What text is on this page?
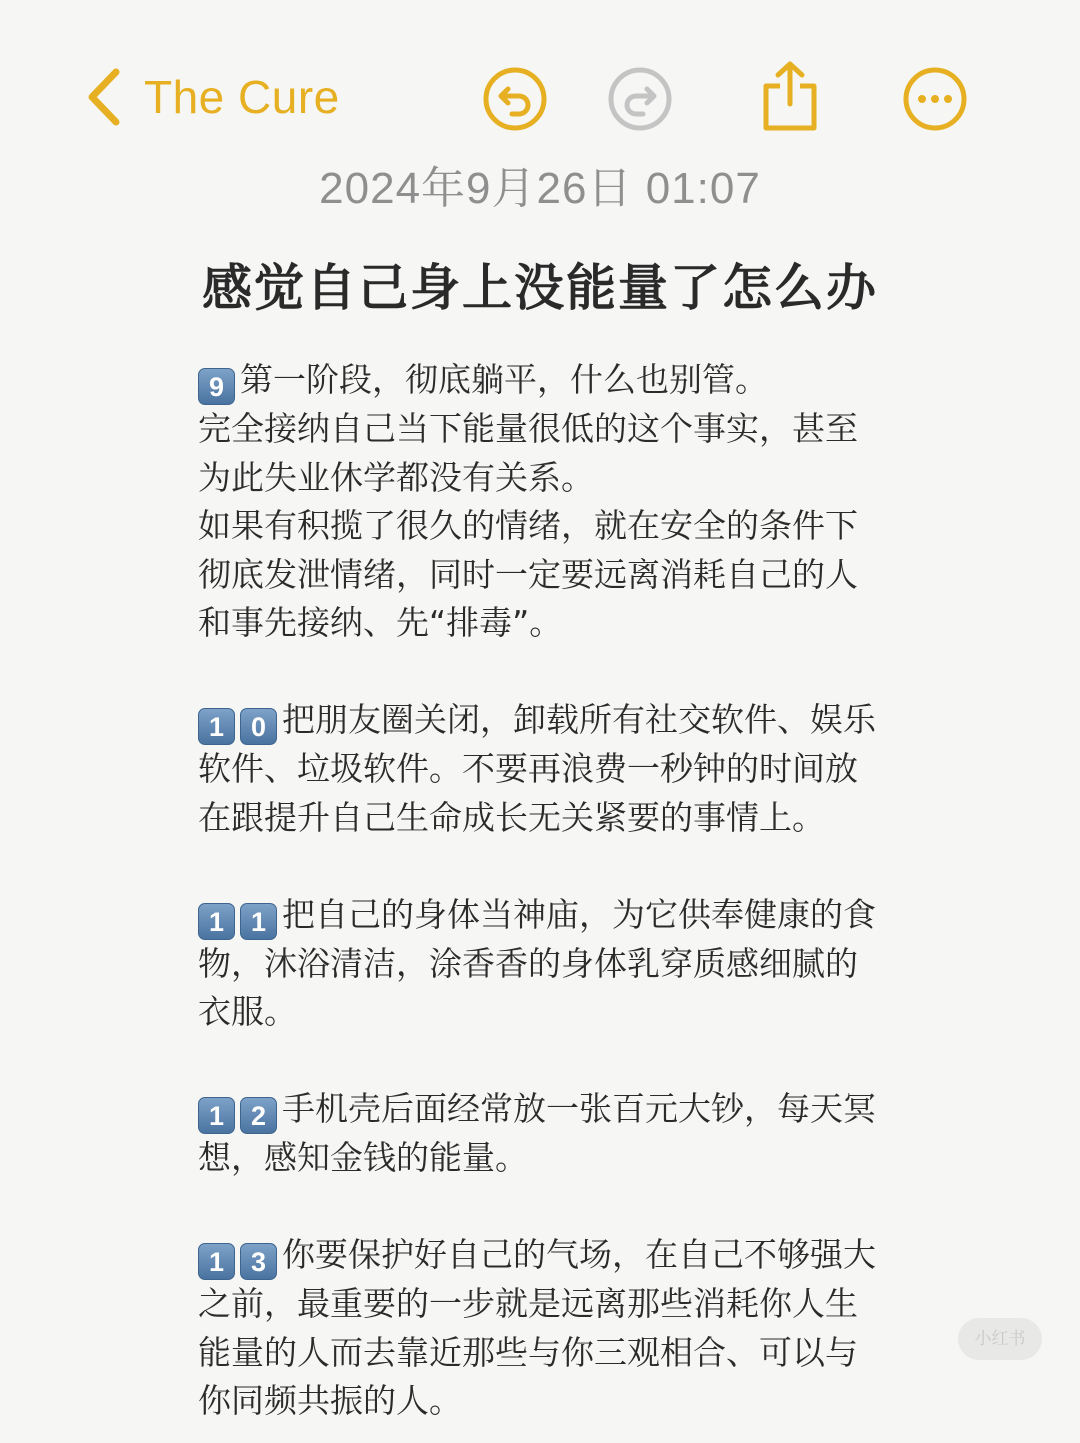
The Cure
2024年9月26日 01:07
感觉自己身上没能量了怎么办

9 第一阶段，彻底躺平，什么也别管。

完全接纳自己当下能量很低的这个事实，甚至

为此失业休学都没有关系。

如果有积揽了很久的情绪，就在安全的条件下

彻底发泄情绪，同时一定要远离消耗自己的人

和事先接纳、先“排毒”。

1 0 把朋友圈关闭，卸载所有社交软件、娱乐

软件、垃圾软件。不要再浪费一秒钟的时间放

在跟提升自己生命成长无关紧要的事情上。

1 1 把自己的身体当神庙，为它供奉健康的食

物，沐浴清洁，涂香香的身体乳穿质感细腻的

衣服。

1 2 手机壳后面经常放一张百元大钞，每天冥

想，感知金钱的能量。

1 3 你要保护好自己的气场，在自己不够强大

之前，最重要的一步就是远离那些消耗你人生

能量的人而去靠近那些与你三观相合、可以与

你同频共振的人。

小红书
